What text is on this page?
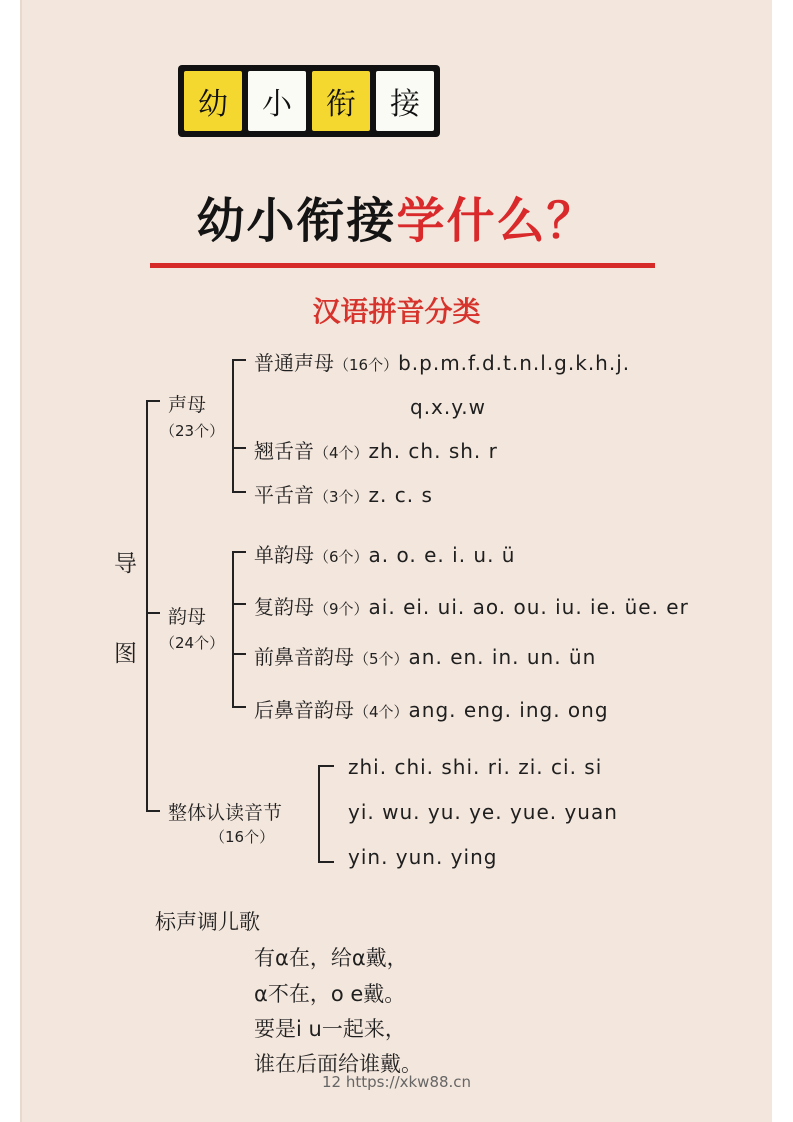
幼	小	衔	接
幼小衔接学什么？
汉语拼音分类
导
图
声母
（23个）
普通声母（16个）b.p.m.f.d.t.n.l.g.k.h.j.
q.x.y.w
翘舌音（4个）zh. ch. sh. r
平舌音（3个）z. c. s
韵母
（24个）
单韵母（6个）a. o. e. i. u. ü
复韵母（9个）ai. ei. ui. ao. ou. iu. ie. üe. er
前鼻音韵母（5个）an. en. in. un. ün
后鼻音韵母（4个）ang. eng. ing. ong
整体认读音节
（16个）
zhi. chi. shi. ri. zi. ci. si
yi. wu. yu. ye. yue. yuan
yin. yun. ying
标声调儿歌
有α在，给α戴，
α不在，o e戴。
要是i u一起来，
谁在后面给谁戴。
12 https://xkw88.cn
